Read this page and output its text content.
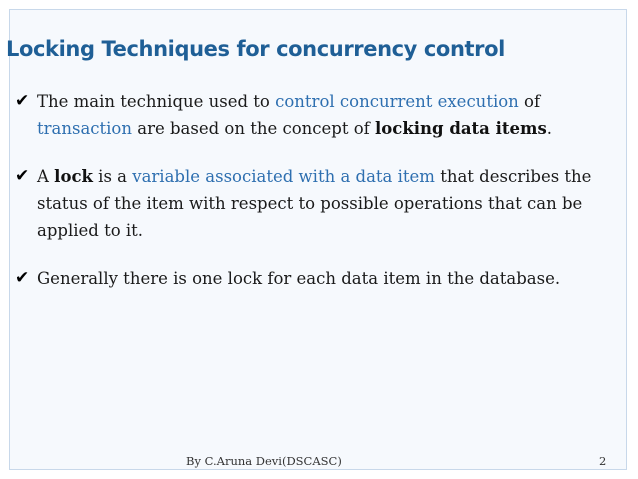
Locking Techniques for concurrency control
✔ The main technique used to control concurrent execution of transaction are based on the concept of locking data items.
✔ A lock is a variable associated with a data item that describes the status of the item with respect to possible operations that can be applied to it.
✔ Generally there is one lock for each data item in the database.
By C.Aruna Devi(DSCASC)	2
